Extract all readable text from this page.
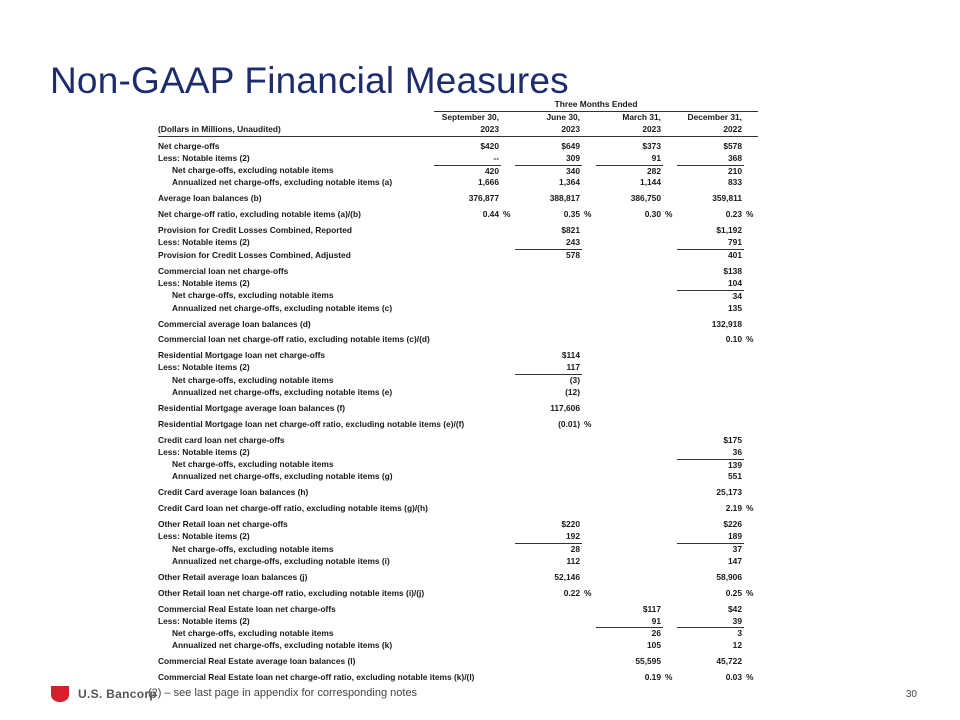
Non-GAAP Financial Measures
	Three Months Ended							
	September 30,		June 30,		March 31,		December 31,	
(Dollars in Millions, Unaudited)	2023		2023		2023		2022	

Net charge-offs	$420		$649		$373		$578	
Less: Notable items (2)	--		309		91		368	
Net charge-offs, excluding notable items	420		340		282		210	
Annualized net charge-offs, excluding notable items (a)	1,666		1,364		1,144		833	

Average loan balances (b)	376,877		388,817		386,750		359,811	

Net charge-off ratio, excluding notable items (a)/(b)	0.44	%	0.35	%	0.30	%	0.23	%

Provision for Credit Losses Combined, Reported			$821				$1,192	
Less: Notable items (2)			243				791	
Provision for Credit Losses Combined, Adjusted			578				401	

Commercial loan net charge-offs							$138	
Less: Notable items (2)							104	
Net charge-offs, excluding notable items							34	
Annualized net charge-offs, excluding notable items (c)							135	

Commercial average loan balances (d)							132,918	

Commercial loan net charge-off ratio, excluding notable items (c)/(d)							0.10	%

Residential Mortgage loan net charge-offs			$114					
Less: Notable items (2)			117					
Net charge-offs, excluding notable items			(3)					
Annualized net charge-offs, excluding notable items (e)			(12)					

Residential Mortgage average loan balances (f)			117,606					

Residential Mortgage loan net charge-off ratio, excluding notable items (e)/(f)			(0.01)	%				

Credit card loan net charge-offs							$175	
Less: Notable items (2)							36	
Net charge-offs, excluding notable items							139	
Annualized net charge-offs, excluding notable items (g)							551	

Credit Card average loan balances (h)							25,173	

Credit Card loan net charge-off ratio, excluding notable items (g)/(h)							2.19	%

Other Retail loan net charge-offs			$220				$226	
Less: Notable items (2)			192				189	
Net charge-offs, excluding notable items			28				37	
Annualized net charge-offs, excluding notable items (i)			112				147	

Other Retail average loan balances (j)			52,146				58,906	

Other Retail loan net charge-off ratio, excluding notable items (i)/(j)			0.22	%			0.25	%

Commercial Real Estate loan net charge-offs					$117		$42	
Less: Notable items (2)					91		39	
Net charge-offs, excluding notable items					26		3	
Annualized net charge-offs, excluding notable items (k)					105		12	

Commercial Real Estate average loan balances (l)					55,595		45,722	

Commercial Real Estate loan net charge-off ratio, excluding notable items (k)/(l)					0.19	%	0.03	%
U.S. Bancorp
(2) – see last page in appendix for corresponding notes	30
